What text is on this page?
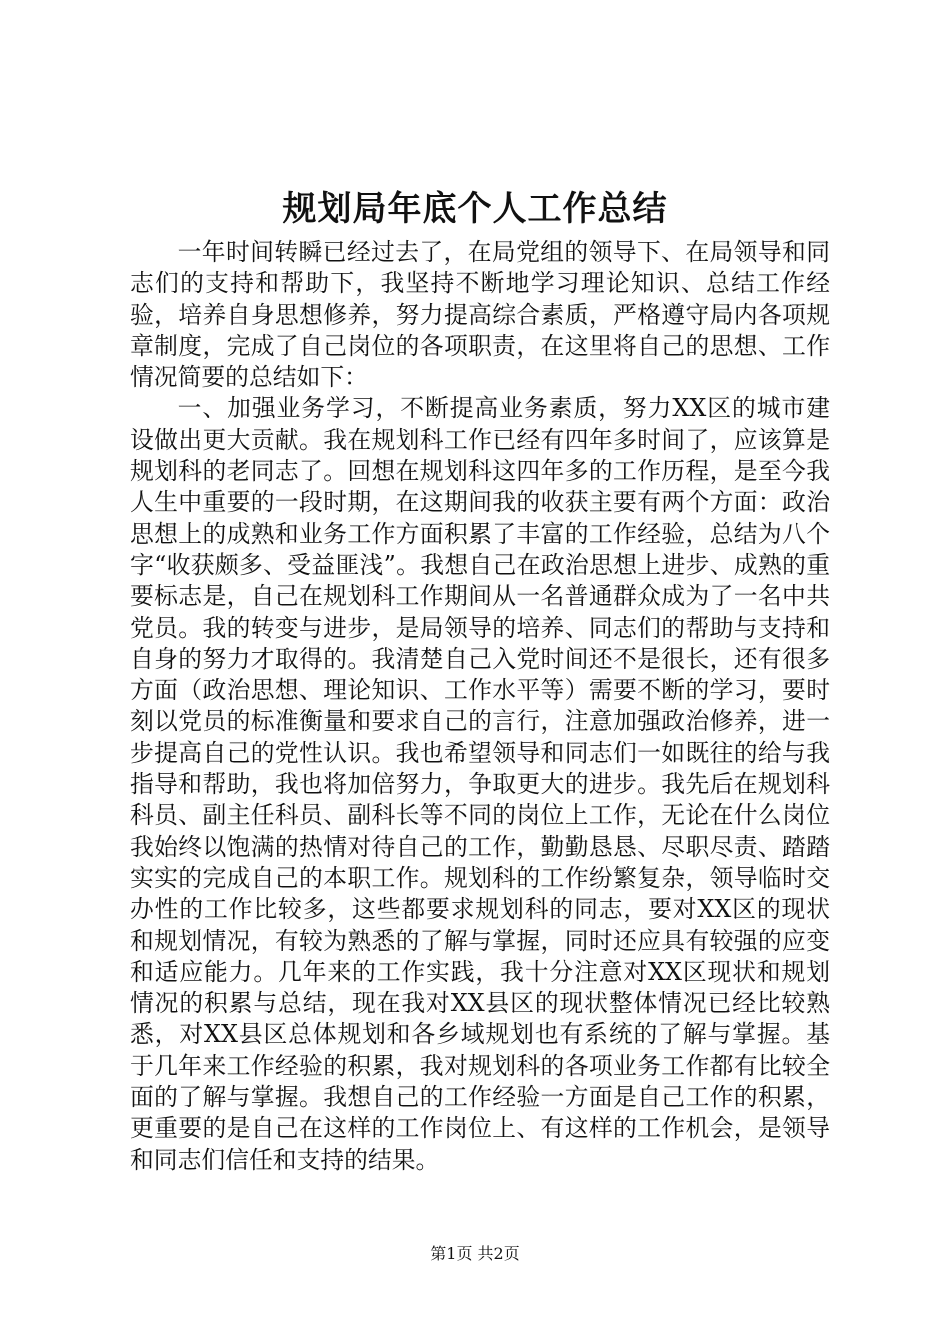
规划局年底个人工作总结

一年时间转瞬已经过去了，在局党组的领导下、在局领导和同志们的支持和帮助下，我坚持不断地学习理论知识、总结工作经验，培养自身思想修养，努力提高综合素质，严格遵守局内各项规章制度，完成了自己岗位的各项职责，在这里将自己的思想、工作情况简要的总结如下：

一、加强业务学习，不断提高业务素质，努力XX区的城市建设做出更大贡献。我在规划科工作已经有四年多时间了，应该算是规划科的老同志了。回想在规划科这四年多的工作历程，是至今我人生中重要的一段时期，在这期间我的收获主要有两个方面：政治思想上的成熟和业务工作方面积累了丰富的工作经验，总结为八个字“收获颇多、受益匪浅”。我想自己在政治思想上进步、成熟的重要标志是，自己在规划科工作期间从一名普通群众成为了一名中共党员。我的转变与进步，是局领导的培养、同志们的帮助与支持和自身的努力才取得的。我清楚自己入党时间还不是很长，还有很多方面（政治思想、理论知识、工作水平等）需要不断的学习，要时刻以党员的标准衡量和要求自己的言行，注意加强政治修养，进一步提高自己的党性认识。我也希望领导和同志们一如既往的给与我指导和帮助，我也将加倍努力，争取更大的进步。我先后在规划科科员、副主任科员、副科长等不同的岗位上工作，无论在什么岗位我始终以饱满的热情对待自己的工作，勤勤恳恳、尽职尽责、踏踏实实的完成自己的本职工作。规划科的工作纷繁复杂，领导临时交办性的工作比较多，这些都要求规划科的同志，要对XX区的现状和规划情况，有较为熟悉的了解与掌握，同时还应具有较强的应变和适应能力。几年来的工作实践，我十分注意对XX区现状和规划情况的积累与总结，现在我对XX县区的现状整体情况已经比较熟悉，对XX县区总体规划和各乡域规划也有系统的了解与掌握。基于几年来工作经验的积累，我对规划科的各项业务工作都有比较全面的了解与掌握。我想自己的工作经验一方面是自己工作的积累，更重要的是自己在这样的工作岗位上、有这样的工作机会，是领导和同志们信任和支持的结果。

第1页 共2页
